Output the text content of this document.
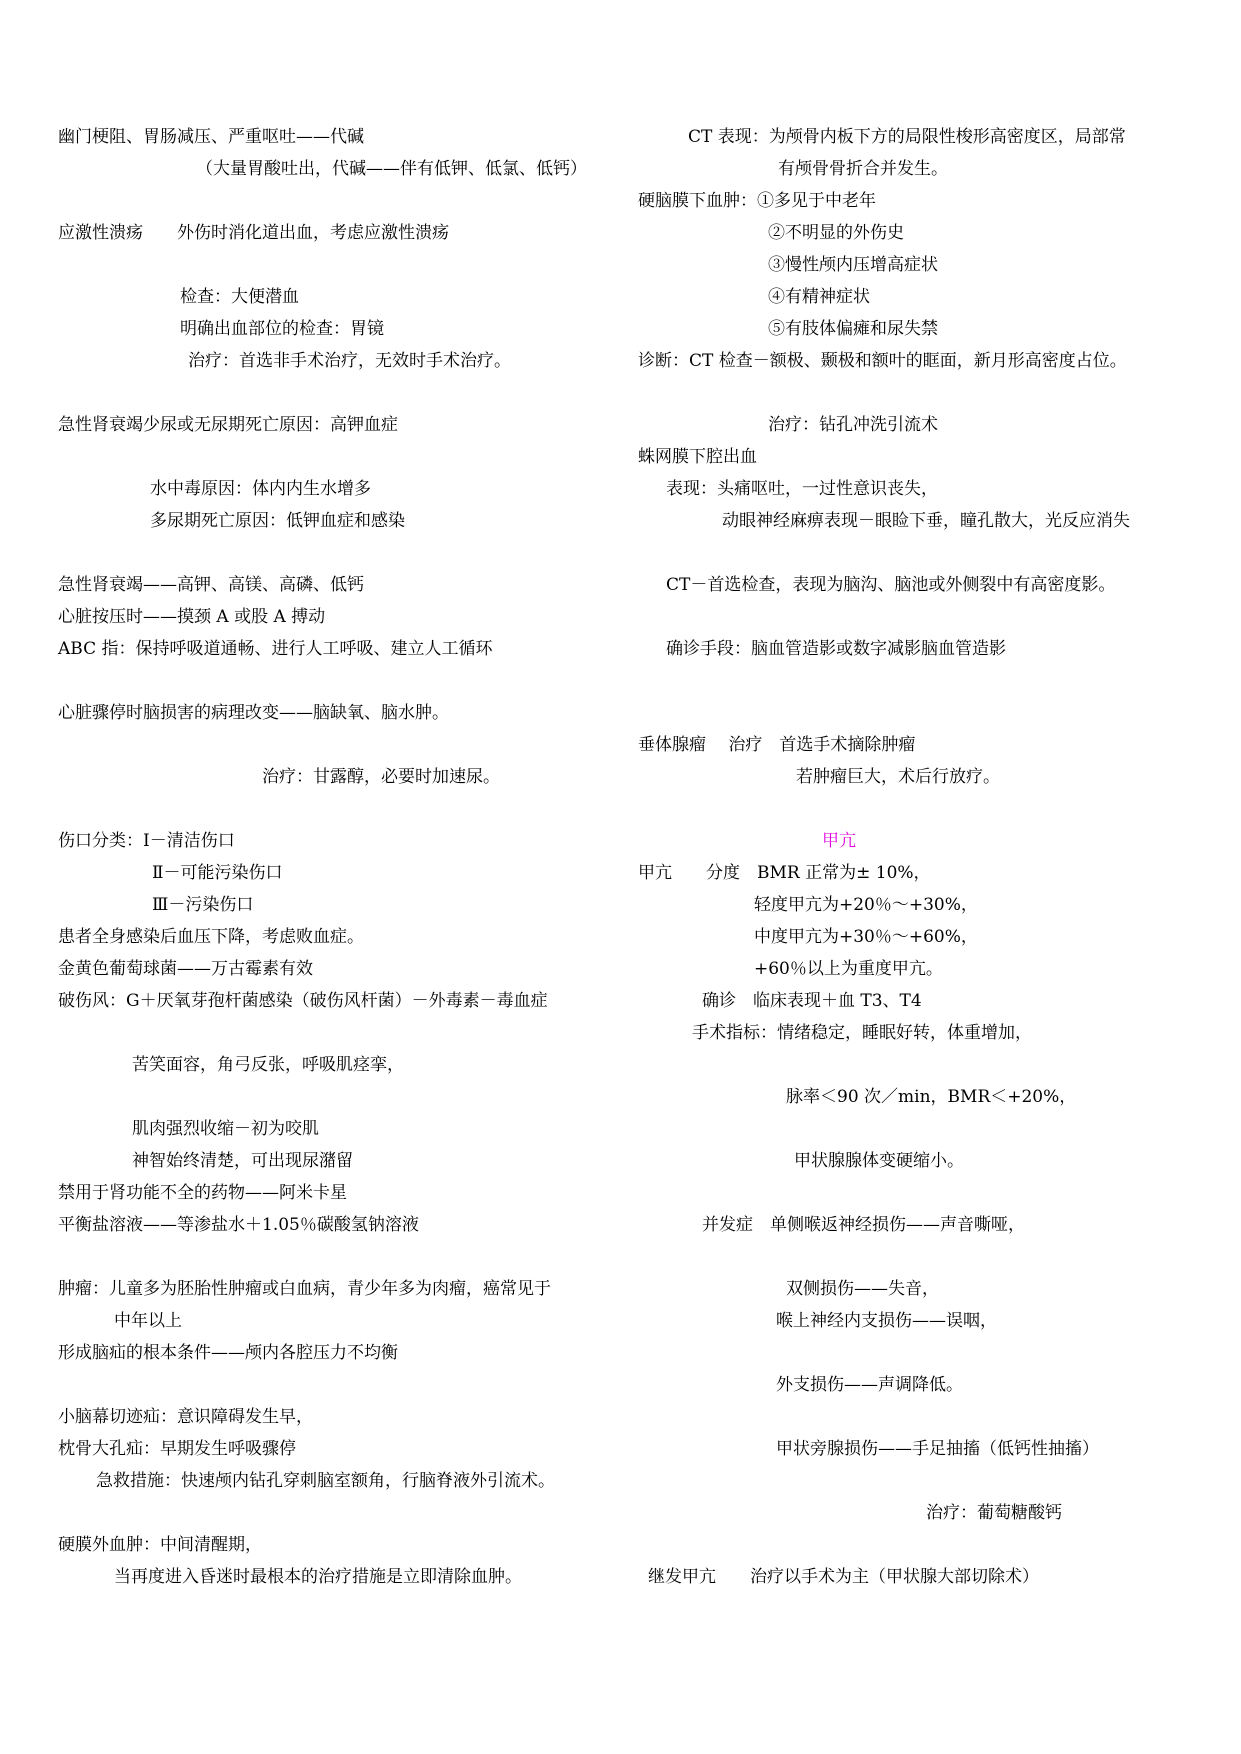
幽门梗阻、胃肠减压、严重呕吐——代碱
（大量胃酸吐出，代碱——伴有低钾、低氯、低钙）
应激性溃疡　　外伤时消化道出血，考虑应激性溃疡
检查：大便潜血
明确出血部位的检查：胃镜
治疗：首选非手术治疗，无效时手术治疗。
急性肾衰竭少尿或无尿期死亡原因：高钾血症
水中毒原因：体内内生水增多
多尿期死亡原因：低钾血症和感染
急性肾衰竭——高钾、高镁、高磷、低钙
心脏按压时——摸颈 A 或股 A 搏动
ABC 指：保持呼吸道通畅、进行人工呼吸、建立人工循环
心脏骤停时脑损害的病理改变——脑缺氧、脑水肿。
治疗：甘露醇，必要时加速尿。
伤口分类：Ⅰ－清洁伤口
Ⅱ－可能污染伤口
Ⅲ－污染伤口
患者全身感染后血压下降，考虑败血症。
金黄色葡萄球菌——万古霉素有效
破伤风：G＋厌氧芽孢杆菌感染（破伤风杆菌）－外毒素－毒血症
苦笑面容，角弓反张，呼吸肌痉挛，
肌肉强烈收缩－初为咬肌
神智始终清楚，可出现尿潴留
禁用于肾功能不全的药物——阿米卡星
平衡盐溶液——等渗盐水＋1.05％碳酸氢钠溶液
肿瘤：儿童多为胚胎性肿瘤或白血病，青少年多为肉瘤，癌常见于
中年以上
形成脑疝的根本条件——颅内各腔压力不均衡
小脑幕切迹疝：意识障碍发生早，
枕骨大孔疝：早期发生呼吸骤停
急救措施：快速颅内钻孔穿刺脑室额角，行脑脊液外引流术。
硬膜外血肿：中间清醒期，
当再度进入昏迷时最根本的治疗措施是立即清除血肿。
CT 表现：为颅骨内板下方的局限性梭形高密度区，局部常
有颅骨骨折合并发生。
硬脑膜下血肿：①多见于中老年
②不明显的外伤史
③慢性颅内压增高症状
④有精神症状
⑤有肢体偏瘫和尿失禁
诊断：CT 检查－额极、颞极和额叶的眶面，新月形高密度占位。
治疗：钻孔冲洗引流术
蛛网膜下腔出血
表现：头痛呕吐，一过性意识丧失，
动眼神经麻痹表现－眼睑下垂，瞳孔散大，光反应消失
CT－首选检查，表现为脑沟、脑池或外侧裂中有高密度影。
确诊手段：脑血管造影或数字减影脑血管造影
垂体腺瘤　 治疗　首选手术摘除肿瘤
若肿瘤巨大，术后行放疗。
甲亢
甲亢　　分度　BMR 正常为± 10%，
轻度甲亢为+20％～+30%，
中度甲亢为+30％～+60%，
+60％以上为重度甲亢。
确诊　临床表现＋血 T3、T4
手术指标：情绪稳定，睡眠好转，体重增加，
脉率＜90 次／min，BMR＜+20%，
甲状腺腺体变硬缩小。
并发症　单侧喉返神经损伤——声音嘶哑，
双侧损伤——失音，
喉上神经内支损伤——误咽，
外支损伤——声调降低。
甲状旁腺损伤——手足抽搐（低钙性抽搐）
治疗：葡萄糖酸钙
继发甲亢　　治疗以手术为主（甲状腺大部切除术）
